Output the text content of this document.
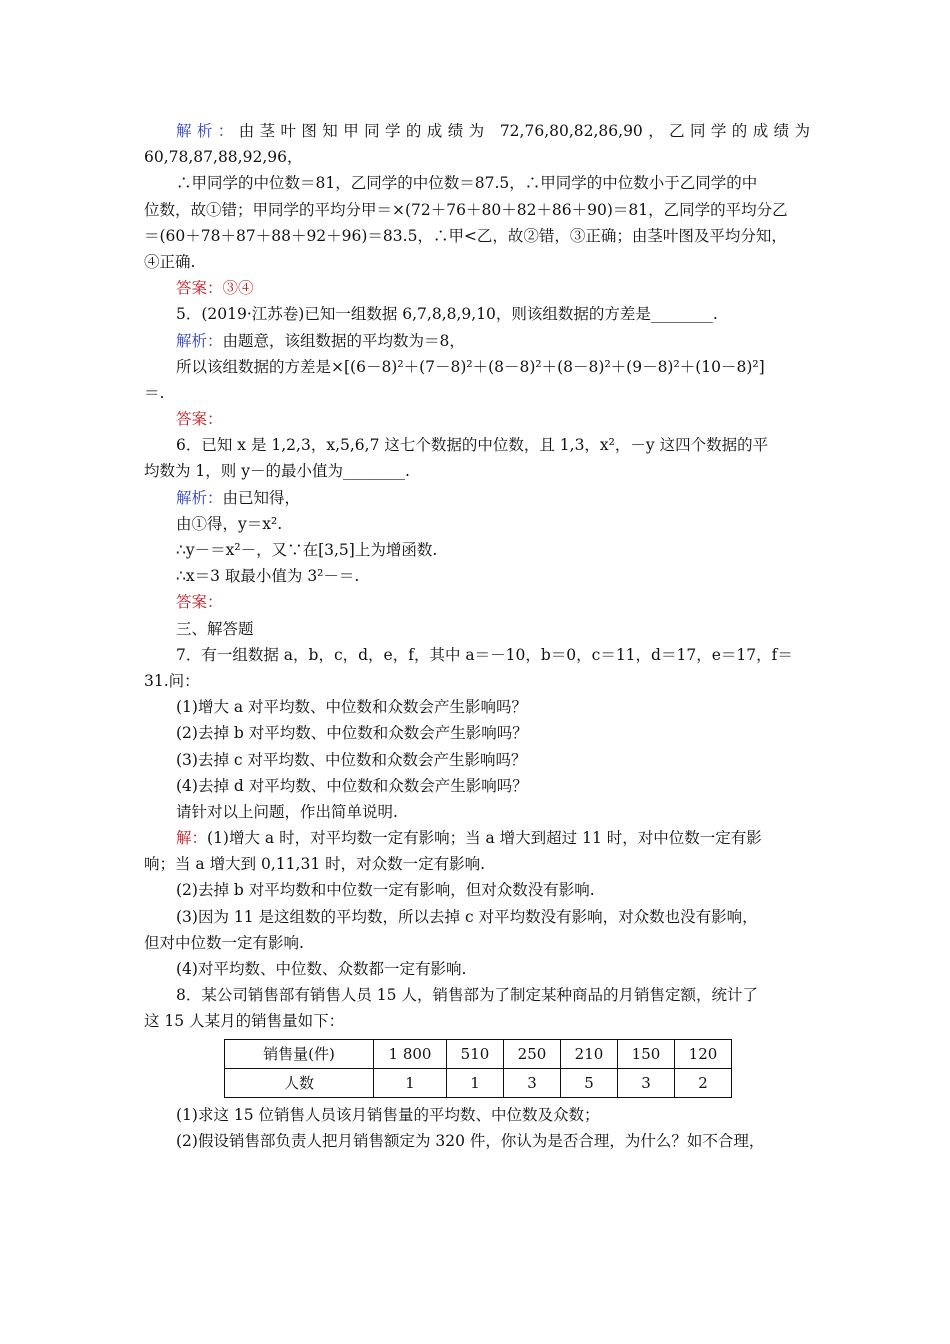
解析：由茎叶图知甲同学的成绩为 72,76,80,82,86,90，乙同学的成绩为
60,78,87,88,92,96，
∴甲同学的中位数＝81，乙同学的中位数＝87.5，∴甲同学的中位数小于乙同学的中
位数，故①错；甲同学的平均分甲＝×(72＋76＋80＋82＋86＋90)＝81，乙同学的平均分乙
＝(60＋78＋87＋88＋92＋96)＝83.5，∴甲<乙，故②错，③正确；由茎叶图及平均分知，
④正确.
答案：③④
5．(2019·江苏卷)已知一组数据 6,7,8,8,9,10，则该组数据的方差是________.
解析：由题意，该组数据的平均数为＝8，
所以该组数据的方差是×[(6－8)²＋(7－8)²＋(8－8)²＋(8－8)²＋(9－8)²＋(10－8)²]
＝.
答案：
6．已知 x 是 1,2,3，x,5,6,7 这七个数据的中位数，且 1,3，x²，－y 这四个数据的平
均数为 1，则 y－的最小值为________.
解析：由已知得，
由①得，y＝x².
∴y－＝x²－，又∵在[3,5]上为增函数.
∴x＝3 取最小值为 3²－＝.
答案：
三、解答题
7．有一组数据 a，b，c，d，e，f，其中 a＝－10，b＝0，c＝11，d＝17，e＝17，f＝
31.问：
(1)增大 a 对平均数、中位数和众数会产生影响吗？
(2)去掉 b 对平均数、中位数和众数会产生影响吗？
(3)去掉 c 对平均数、中位数和众数会产生影响吗？
(4)去掉 d 对平均数、中位数和众数会产生影响吗？
请针对以上问题，作出简单说明.
解：(1)增大 a 时，对平均数一定有影响；当 a 增大到超过 11 时，对中位数一定有影
响；当 a 增大到 0,11,31 时，对众数一定有影响.
(2)去掉 b 对平均数和中位数一定有影响，但对众数没有影响.
(3)因为 11 是这组数的平均数，所以去掉 c 对平均数没有影响，对众数也没有影响，
但对中位数一定有影响.
(4)对平均数、中位数、众数都一定有影响.
8．某公司销售部有销售人员 15 人，销售部为了制定某种商品的月销售定额，统计了
这 15 人某月的销售量如下：
销售量(件)	1 800	510	250	210	150	120
人数	1	1	3	5	3	2
(1)求这 15 位销售人员该月销售量的平均数、中位数及众数；
(2)假设销售部负责人把月销售额定为 320 件，你认为是否合理，为什么？如不合理，
